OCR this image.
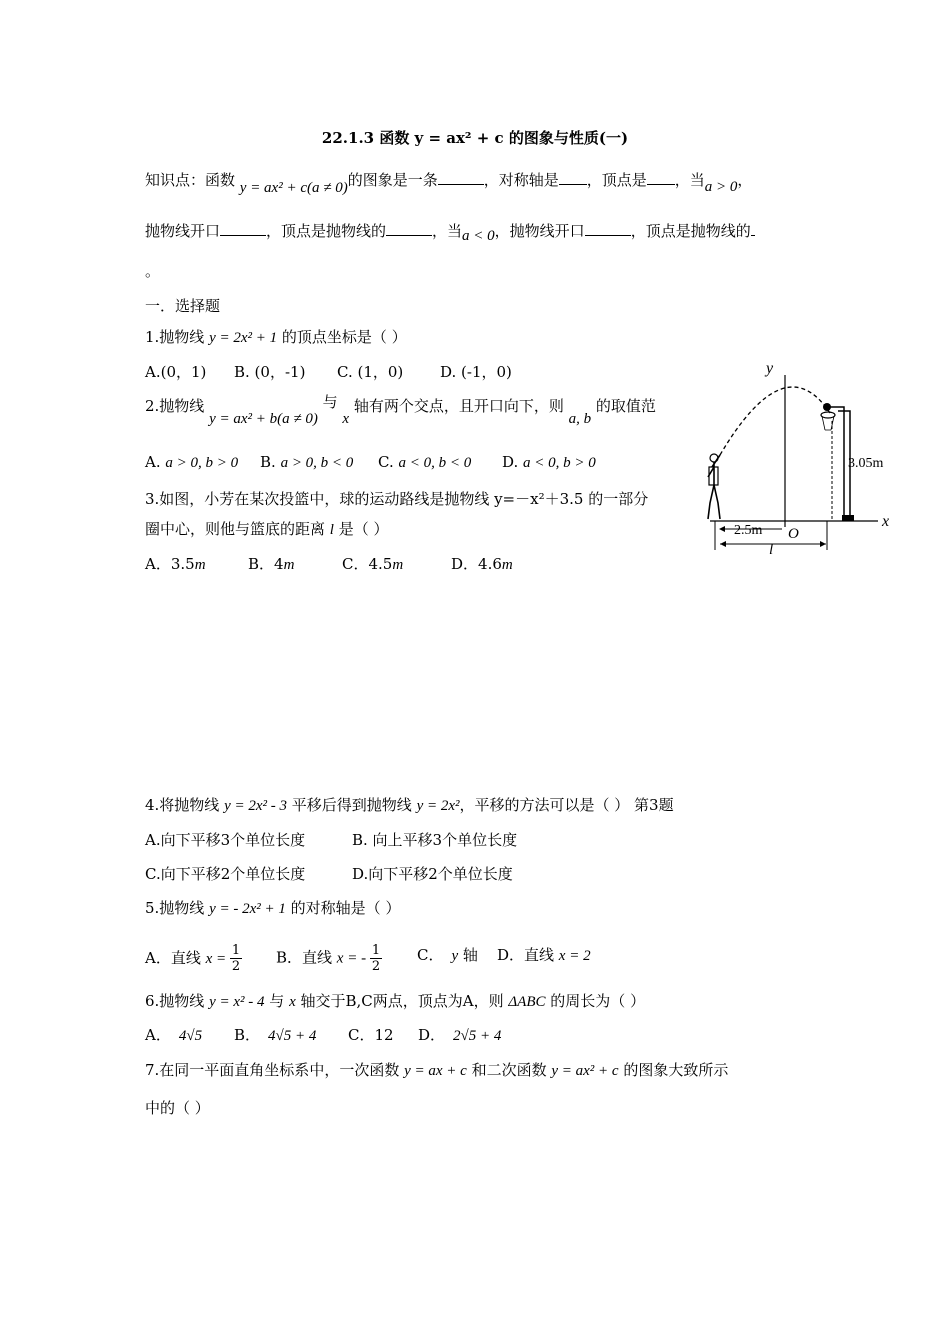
22.1.3 函数 y = ax² + c 的图象与性质(一)
知识点：函数 y = ax² + c(a ≠ 0)的图象是一条	，对称轴是 ，顶点是 ，当a > 0，
抛物线开口	，顶点是抛物线的	，当a < 0，抛物线开口	，顶点是抛物线的
。
一．选择题
1.抛物线 y = 2x² + 1 的顶点坐标是（ ）
A.(0，1) B. (0，-1) C. (1，0) D. (-1，0)
2.抛物线 y = ax² + b(a ≠ 0) 与 x 轴有两个交点，且开口向下，则 a, b 的取值范
A. a > 0, b > 0 B. a > 0, b < 0 C. a < 0, b < 0 D. a < 0, b > 0
3.如图，小芳在某次投篮中，球的运动路线是抛物线 y=－x²＋3.5 的一部分
圈中心，则他与篮底的距离 l 是（ ）
A．3.5m	B．4m	C．4.5m	D．4.6m
y
x
O
3.05m
2.5m
l
4.将抛物线 y = 2x² - 3 平移后得到抛物线 y = 2x²，平移的方法可以是（ ） 第3题
A.向下平移3个单位长度	B. 向上平移3个单位长度
C.向下平移2个单位长度	D.向下平移2个单位长度
5.抛物线 y = - 2x² + 1 的对称轴是（ ）
A．直线 $x = \frac{1}{2}$ B．直线 x = - $\frac{1}{2}$ C． y 轴 D．直线 x = 2
6.抛物线 y = x² - 4 与 x 轴交于B,C两点，顶点为A，则 ΔABC 的周长为（ ）
A． 4√5 B． 4√5 + 4 C．12 D． 2√5 + 4
7.在同一平面直角坐标系中，一次函数 y = ax + c 和二次函数 y = ax² + c 的图象大致所示
中的（ ）
